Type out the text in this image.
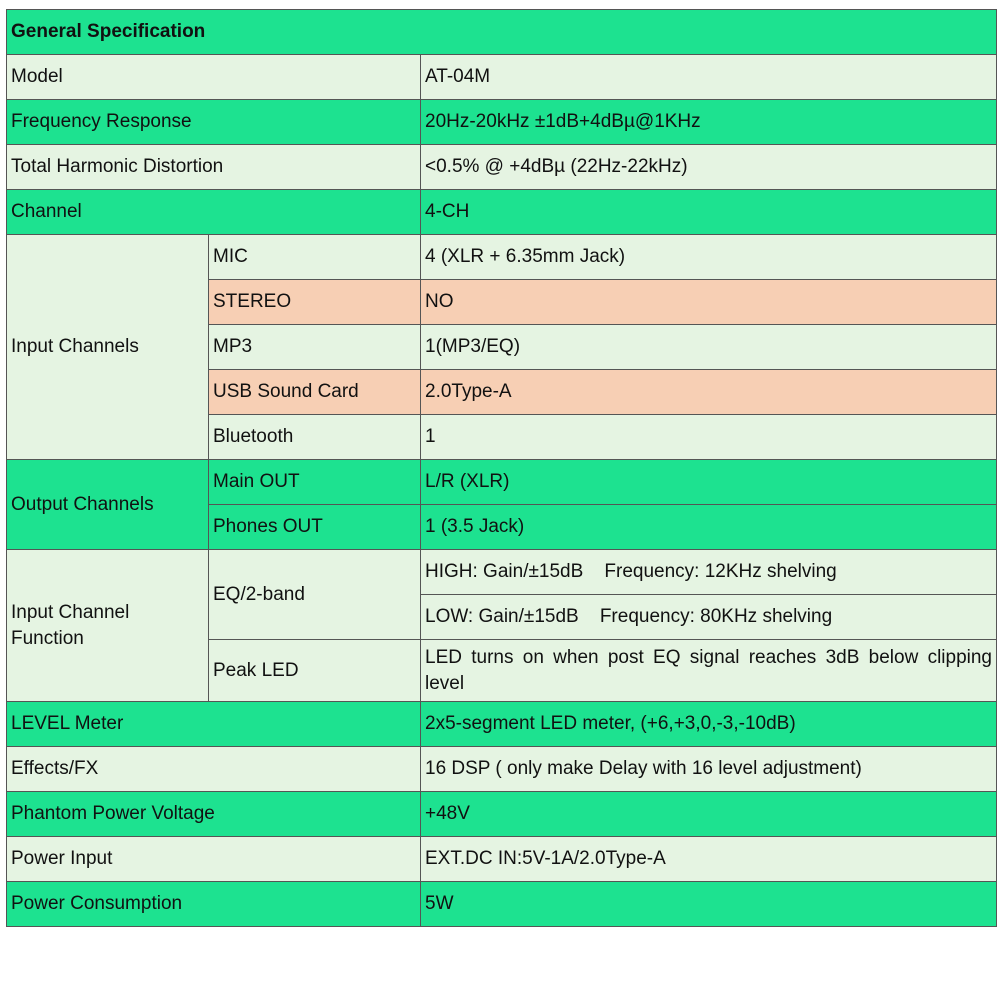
General Specification		
Model		AT-04M
Frequency Response		20Hz-20kHz ±1dB+4dBµ@1KHz
Total Harmonic Distortion		<0.5% @ +4dBµ (22Hz-22kHz)
Channel		4-CH
Input Channels	MIC	4 (XLR + 6.35mm Jack)
	STEREO	NO
	MP3	1(MP3/EQ)
	USB Sound Card	2.0Type-A
	Bluetooth	1
Output Channels	Main OUT	L/R (XLR)
	Phones OUT	1 (3.5 Jack)

Input Channel
Function	EQ/2-band	HIGH: Gain/±15dB    Frequency: 12KHz shelving
		LOW: Gain/±15dB    Frequency: 80KHz shelving
	Peak LED	LED turns on when post EQ signal reaches 3dB below clipping level
LEVEL Meter		2x5-segment LED meter, (+6,+3,0,-3,-10dB)
Effects/FX		16 DSP ( only make Delay with 16 level adjustment)
Phantom Power Voltage		+48V
Power Input		EXT.DC IN:5V-1A/2.0Type-A
Power Consumption		5W
